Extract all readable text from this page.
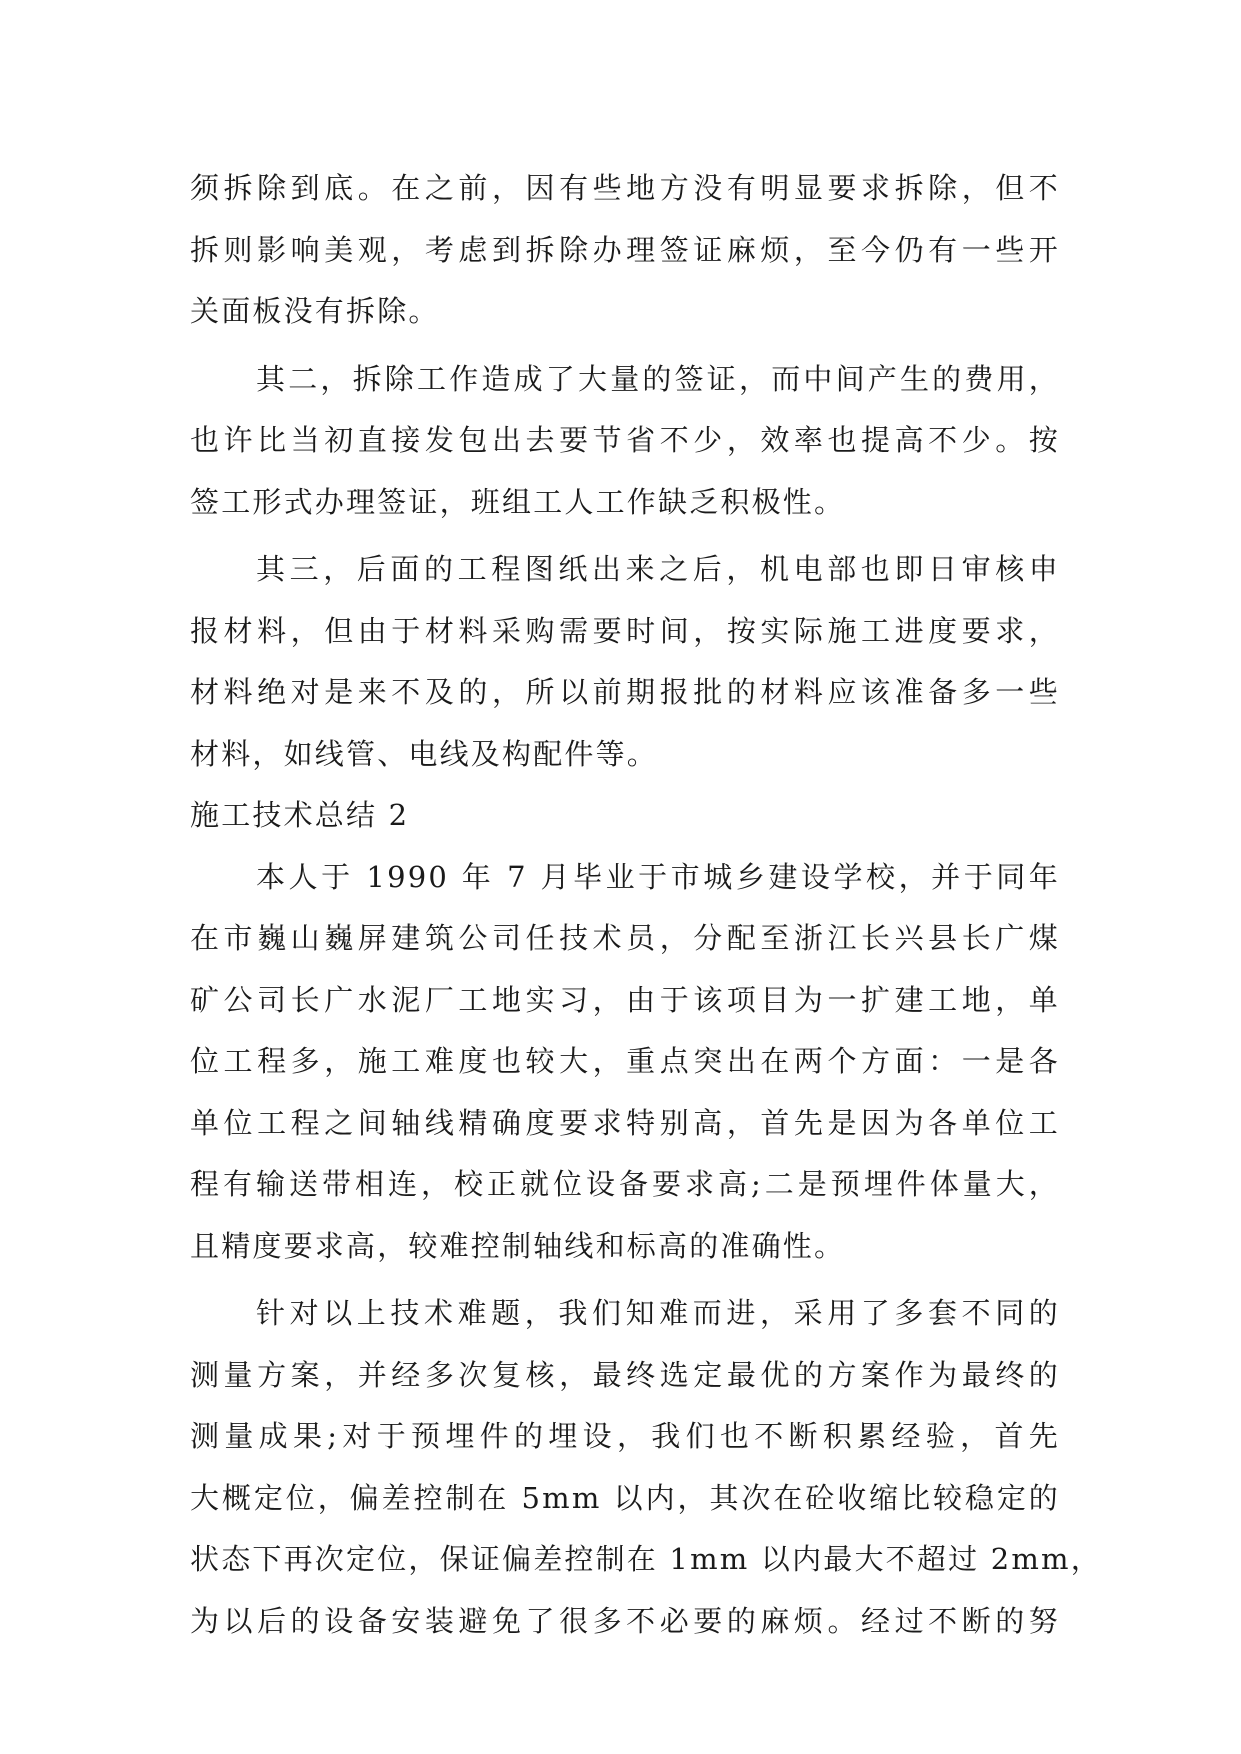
须拆除到底。在之前，因有些地方没有明显要求拆除，但不
拆则影响美观，考虑到拆除办理签证麻烦，至今仍有一些开
关面板没有拆除。
其二，拆除工作造成了大量的签证，而中间产生的费用，
也许比当初直接发包出去要节省不少，效率也提高不少。按
签工形式办理签证，班组工人工作缺乏积极性。
其三，后面的工程图纸出来之后，机电部也即日审核申
报材料，但由于材料采购需要时间，按实际施工进度要求，
材料绝对是来不及的，所以前期报批的材料应该准备多一些
材料，如线管、电线及构配件等。
施工技术总结 2
本人于 1990 年 7 月毕业于市城乡建设学校，并于同年
在市巍山巍屏建筑公司任技术员，分配至浙江长兴县长广煤
矿公司长广水泥厂工地实习，由于该项目为一扩建工地，单
位工程多，施工难度也较大，重点突出在两个方面：一是各
单位工程之间轴线精确度要求特别高，首先是因为各单位工
程有输送带相连，校正就位设备要求高;二是预埋件体量大，
且精度要求高，较难控制轴线和标高的准确性。
针对以上技术难题，我们知难而进，采用了多套不同的
测量方案，并经多次复核，最终选定最优的方案作为最终的
测量成果;对于预埋件的埋设，我们也不断积累经验，首先
大概定位，偏差控制在 5mm 以内，其次在砼收缩比较稳定的
状态下再次定位，保证偏差控制在 1mm 以内最大不超过 2mm，
为以后的设备安装避免了很多不必要的麻烦。经过不断的努
